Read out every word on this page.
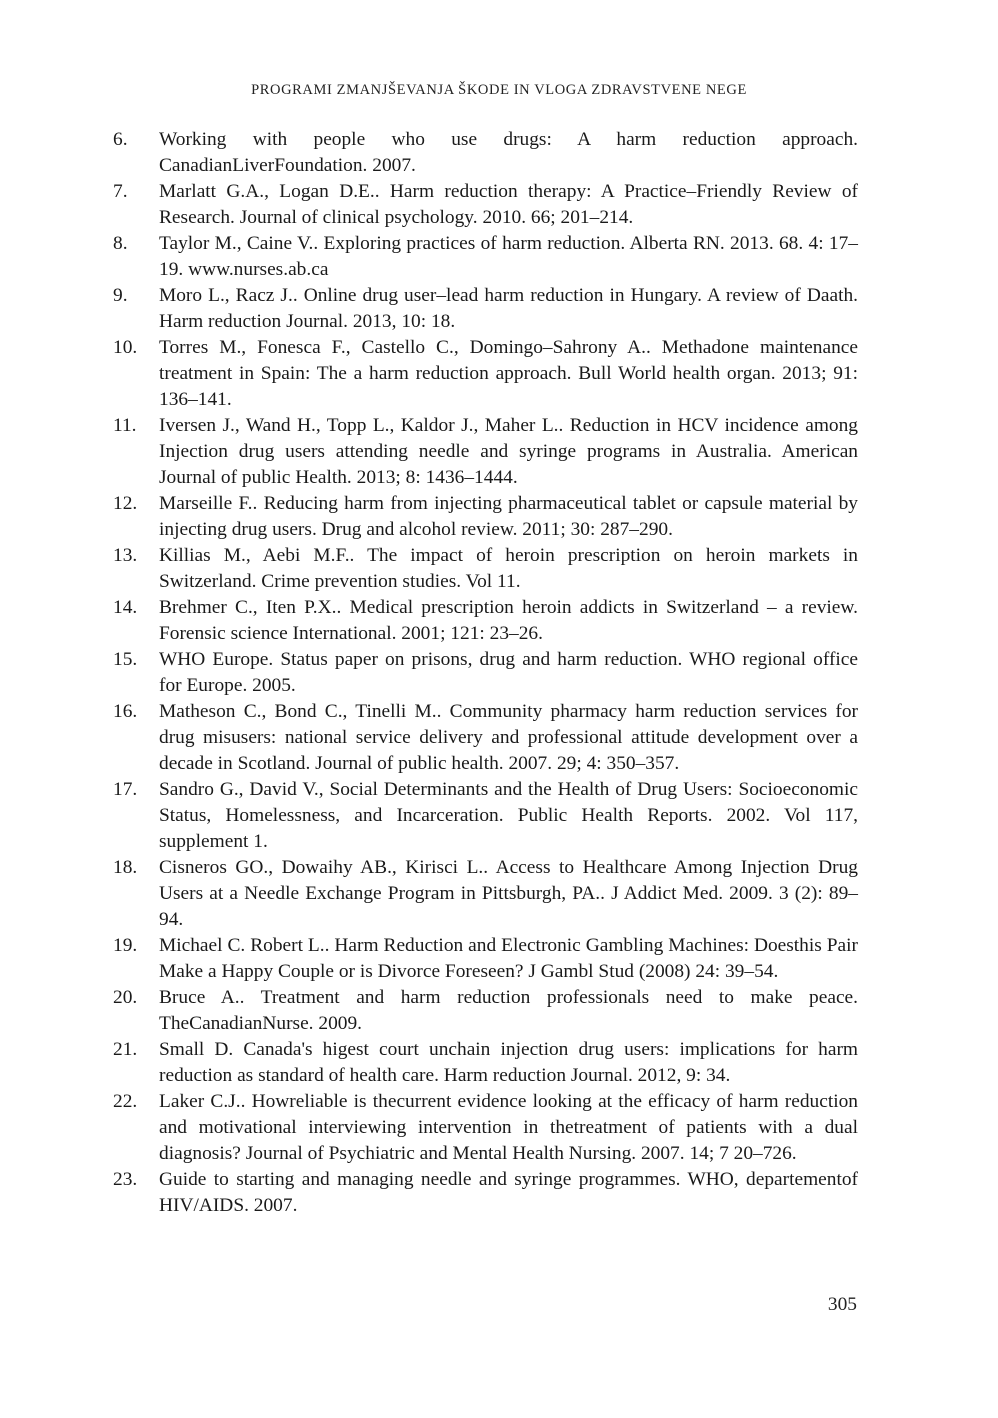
PROGRAMI ZMANJŠEVANJA ŠKODE IN VLOGA ZDRAVSTVENE NEGE
6.	Working with people who use drugs: A harm reduction approach. CanadianLiverFoundation. 2007.
7.	Marlatt G.A., Logan D.E.. Harm reduction therapy: A Practice–Friendly Review of Research. Journal of clinical psychology. 2010. 66; 201–214.
8.	Taylor M., Caine V.. Exploring practices of harm reduction. Alberta RN. 2013. 68. 4: 17–19. www.nurses.ab.ca
9.	Moro L., Racz J.. Online drug user–lead harm reduction in Hungary. A review of Daath. Harm reduction Journal. 2013, 10: 18.
10.	Torres M., Fonesca F., Castello C., Domingo–Sahrony A.. Methadone maintenance treatment in Spain: The a harm reduction approach. Bull World health organ. 2013; 91: 136–141.
11.	Iversen J., Wand H., Topp L., Kaldor J., Maher L.. Reduction in HCV incidence among Injection drug users attending needle and syringe programs in Australia. American Journal of public Health. 2013; 8: 1436–1444.
12.	Marseille F.. Reducing harm from injecting pharmaceutical tablet or capsule material by injecting drug users. Drug and alcohol review. 2011; 30: 287–290.
13.	Killias M., Aebi M.F.. The impact of heroin prescription on heroin markets in Switzerland. Crime prevention studies. Vol 11.
14.	Brehmer C., Iten P.X.. Medical prescription heroin addicts in Switzerland – a review. Forensic science International. 2001; 121: 23–26.
15.	WHO Europe. Status paper on prisons, drug and harm reduction. WHO regional office for Europe. 2005.
16.	Matheson C., Bond C., Tinelli M.. Community pharmacy harm reduction services for drug misusers: national service delivery and professional attitude development over a decade in Scotland. Journal of public health. 2007. 29; 4: 350–357.
17.	Sandro G., David V., Social Determinants and the Health of Drug Users: Socioeconomic Status, Homelessness, and Incarceration. Public Health Reports. 2002. Vol 117, supplement 1.
18.	Cisneros GO., Dowaihy AB., Kirisci L.. Access to Healthcare Among Injection Drug Users at a Needle Exchange Program in Pittsburgh, PA.. J Addict Med. 2009. 3 (2): 89–94.
19.	Michael C. Robert L.. Harm Reduction and Electronic Gambling Machines: Doesthis Pair Make a Happy Couple or is Divorce Foreseen? J Gambl Stud (2008) 24: 39–54.
20.	Bruce A.. Treatment and harm reduction professionals need to make peace. TheCanadianNurse. 2009.
21.	Small D. Canada's higest court unchain injection drug users: implications for harm reduction as standard of health care. Harm reduction Journal. 2012, 9: 34.
22.	Laker C.J.. Howreliable is thecurrent evidence looking at the efficacy of harm reduction and motivational interviewing intervention in thetreatment of patients with a dual diagnosis? Journal of Psychiatric and Mental Health Nursing. 2007. 14; 7 20–726.
23.	Guide to starting and managing needle and syringe programmes. WHO, departementof HIV/AIDS. 2007.
305
